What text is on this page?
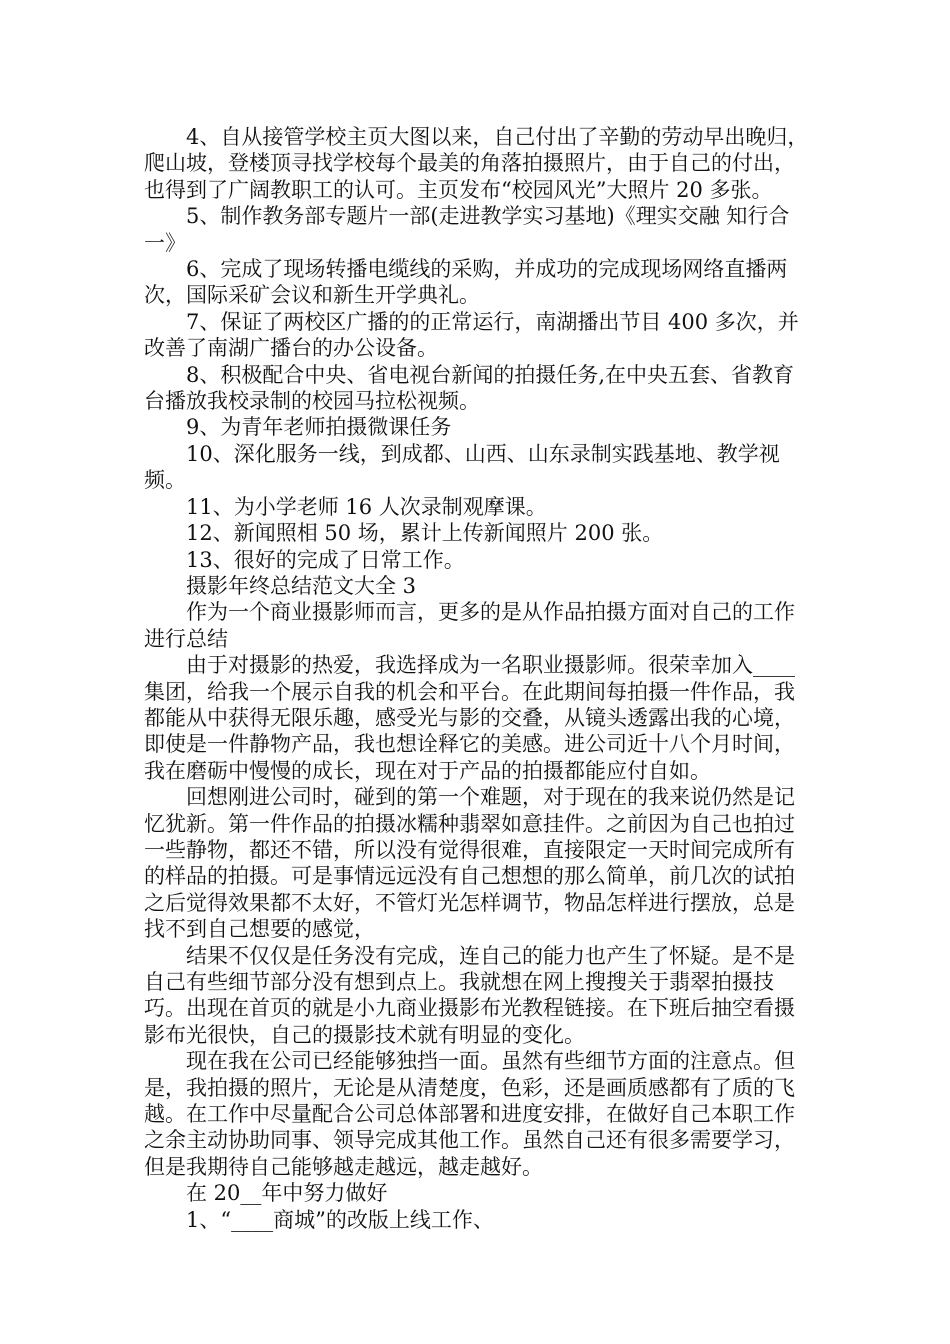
4、自从接管学校主页大图以来，自己付出了辛勤的劳动早出晚归，爬山坡，登楼顶寻找学校每个最美的角落拍摄照片，由于自己的付出，也得到了广阔教职工的认可。主页发布“校园风光”大照片 20 多张。

5、制作教务部专题片一部(走进教学实习基地)《理实交融 知行合一》

6、完成了现场转播电缆线的采购，并成功的完成现场网络直播两次，国际采矿会议和新生开学典礼。

7、保证了两校区广播的的正常运行，南湖播出节目 400 多次，并改善了南湖广播台的办公设备。

8、积极配合中央、省电视台新闻的拍摄任务,在中央五套、省教育台播放我校录制的校园马拉松视频。

9、为青年老师拍摄微课任务

10、深化服务一线，到成都、山西、山东录制实践基地、教学视频。

11、为小学老师 16 人次录制观摩课。

12、新闻照相 50 场，累计上传新闻照片 200 张。

13、很好的完成了日常工作。

摄影年终总结范文大全 3

作为一个商业摄影师而言，更多的是从作品拍摄方面对自己的工作进行总结

由于对摄影的热爱，我选择成为一名职业摄影师。很荣幸加入____集团，给我一个展示自我的机会和平台。在此期间每拍摄一件作品，我都能从中获得无限乐趣，感受光与影的交叠，从镜头透露出我的心境，即使是一件静物产品，我也想诠释它的美感。进公司近十八个月时间，我在磨砺中慢慢的成长，现在对于产品的拍摄都能应付自如。

回想刚进公司时，碰到的第一个难题，对于现在的我来说仍然是记忆犹新。第一件作品的拍摄冰糯种翡翠如意挂件。之前因为自己也拍过一些静物，都还不错，所以没有觉得很难，直接限定一天时间完成所有的样品的拍摄。可是事情远远没有自己想想的那么简单，前几次的试拍之后觉得效果都不太好，不管灯光怎样调节，物品怎样进行摆放，总是找不到自己想要的感觉，

结果不仅仅是任务没有完成，连自己的能力也产生了怀疑。是不是自己有些细节部分没有想到点上。我就想在网上搜搜关于翡翠拍摄技巧。出现在首页的就是小九商业摄影布光教程链接。在下班后抽空看摄影布光很快，自己的摄影技术就有明显的变化。

现在我在公司已经能够独挡一面。虽然有些细节方面的注意点。但是，我拍摄的照片，无论是从清楚度，色彩，还是画质感都有了质的飞越。在工作中尽量配合公司总体部署和进度安排，在做好自己本职工作之余主动协助同事、领导完成其他工作。虽然自己还有很多需要学习，但是我期待自己能够越走越远，越走越好。

在 20__年中努力做好

1、“____商城”的改版上线工作、
